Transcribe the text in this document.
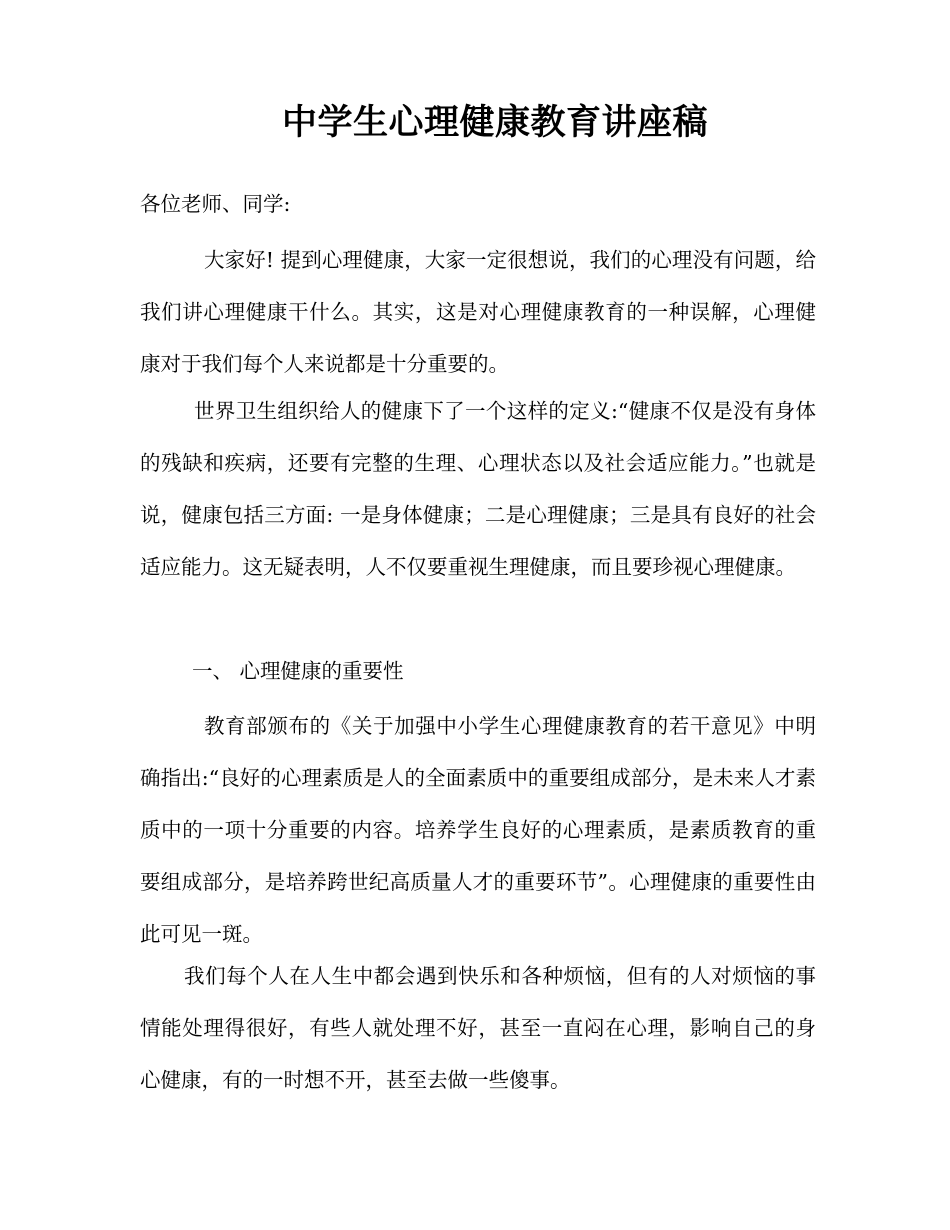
中学生心理健康教育讲座稿

各位老师、同学:

大家好! 提到心理健康，大家一定很想说，我们的心理没有问题，给我们讲心理健康干什么。其实，这是对心理健康教育的一种误解，心理健康对于我们每个人来说都是十分重要的。

世界卫生组织给人的健康下了一个这样的定义:“健康不仅是没有身体的残缺和疾病，还要有完整的生理、心理状态以及社会适应能力。”也就是说，健康包括三方面: 一是身体健康；二是心理健康；三是具有良好的社会适应能力。这无疑表明，人不仅要重视生理健康，而且要珍视心理健康。

一、 心理健康的重要性

教育部颁布的《关于加强中小学生心理健康教育的若干意见》中明确指出:“良好的心理素质是人的全面素质中的重要组成部分，是未来人才素质中的一项十分重要的内容。培养学生良好的心理素质，是素质教育的重要组成部分，是培养跨世纪高质量人才的重要环节”。心理健康的重要性由此可见一斑。

我们每个人在人生中都会遇到快乐和各种烦恼，但有的人对烦恼的事情能处理得很好，有些人就处理不好，甚至一直闷在心理，影响自己的身心健康，有的一时想不开，甚至去做一些傻事。
